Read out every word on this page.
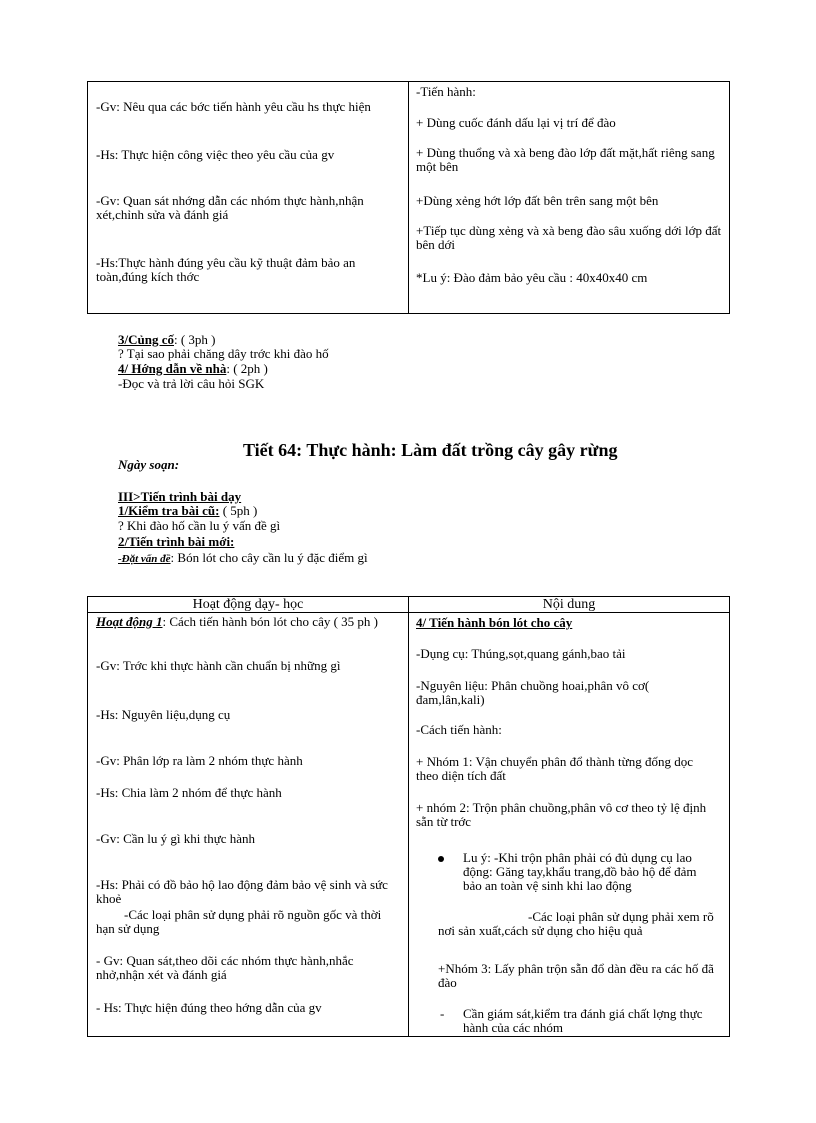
-Gv: Nêu qua các bớc tiến hành yêu cầu hs thực hiện

-Hs: Thực hiện công việc theo yêu cầu của gv

-Gv: Quan sát nhớng dẫn các nhóm thực hành,nhận xét,chỉnh sửa và đánh giá

-Hs:Thực hành đúng yêu cầu kỹ thuật đảm bảo an toàn,đúng kích thớc

-Tiến hành:

+ Dùng cuốc đánh dấu lại vị trí để đào

+ Dùng thuổng và xà beng đào lớp đất mặt,hất riêng sang một bên

+Dùng xẻng hớt lớp đất bên trên sang một bên

+Tiếp tục dùng xẻng và xà beng đào sâu xuống dới lớp đất bên dới

*Lu ý: Đào đảm bảo yêu cầu : 40x40x40 cm

3/Củng cố: ( 3ph )

? Tại sao phải chăng dây trớc khi đào hố

4/ Hớng dẫn về nhà: ( 2ph )

-Đọc và trả lời câu hỏi SGK

Tiết 64: Thực hành: Làm đất trồng cây gây rừng

Ngày soạn:

III>Tiến trình bài dạy

1/Kiểm tra bài cũ: ( 5ph )

? Khi đào hố cần lu ý vấn đề gì

2/Tiến trình bài mới:

-Đặt vấn đề: Bón lót cho cây cần lu ý đặc điểm gì

Hoạt động dạy- học	Nội dung

Hoạt động 1: Cách tiến hành bón lót cho cây ( 35 ph )

-Gv: Trớc khi thực hành cần chuẩn bị những gì

-Hs: Nguyên liệu,dụng cụ

-Gv: Phân lớp ra làm 2 nhóm thực hành

-Hs: Chia làm 2 nhóm để thực hành

-Gv: Cần lu ý gì khi thực hành

-Hs: Phải có đồ bảo hộ lao động đảm bảo vệ sinh và sức khoẻ

-Các loại phân sử dụng phải rõ nguồn gốc và thời hạn sử dụng

- Gv: Quan sát,theo dõi các nhóm thực hành,nhắc nhở,nhận xét và đánh giá

- Hs: Thực hiện đúng theo hớng dẫn của gv

4/ Tiến hành bón lót cho cây

-Dụng cụ: Thúng,sọt,quang gánh,bao tải

-Nguyên liệu: Phân chuồng hoai,phân vô cơ( đam,lân,kali)

-Cách tiến hành:

+ Nhóm 1: Vận chuyển phân đổ thành từng đống dọc theo diện tích đất

+ nhóm 2: Trộn phân chuồng,phân vô cơ theo tỷ lệ định sẵn từ trớc

Lu ý: -Khi trộn phân phải có đủ dụng cụ lao động: Găng tay,khẩu trang,đồ bảo hộ để đảm bảo an toàn vệ sinh khi lao động

-Các loại phân sử dụng phải xem rõ nơi sản xuất,cách sử dụng cho hiệu quả

+Nhóm 3: Lấy phân trộn sẵn đổ dàn đều ra các hố đã đào

- Cần giám sát,kiểm tra đánh giá chất lợng thực hành của các nhóm
